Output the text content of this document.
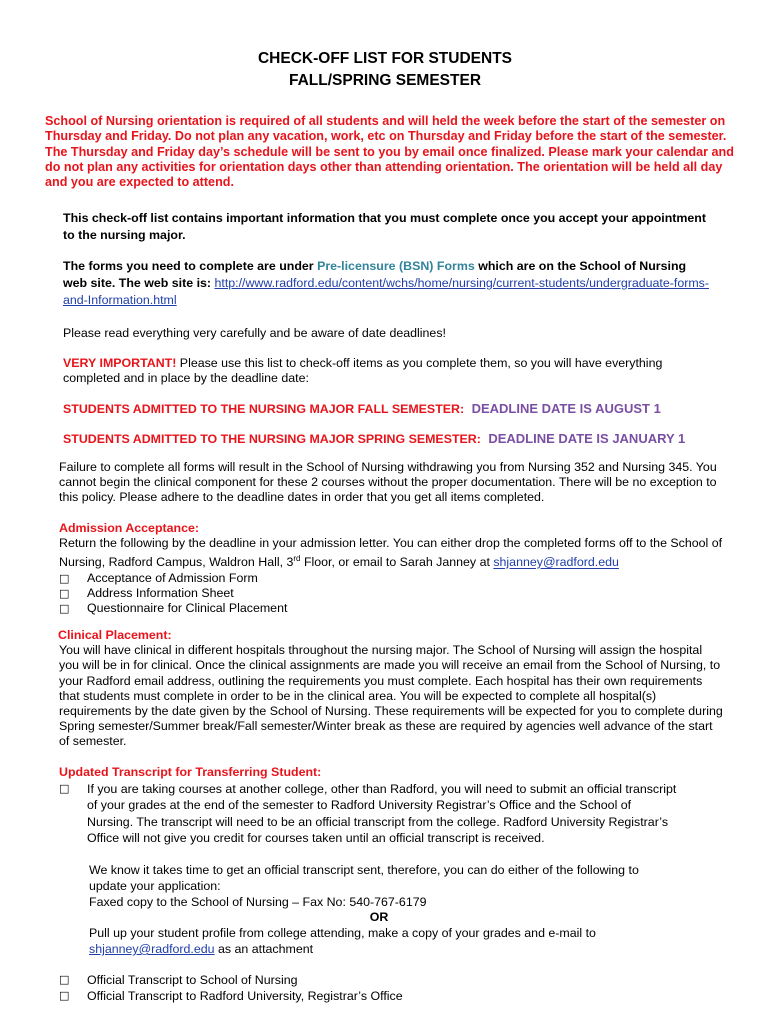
CHECK-OFF LIST FOR STUDENTS
FALL/SPRING SEMESTER
School of Nursing orientation is required of all students and will held the week before the start of the semester on Thursday and Friday. Do not plan any vacation, work, etc on Thursday and Friday before the start of the semester. The Thursday and Friday day’s schedule will be sent to you by email once finalized. Please mark your calendar and do not plan any activities for orientation days other than attending orientation. The orientation will be held all day and you are expected to attend.
This check-off list contains important information that you must complete once you accept your appointment to the nursing major.
The forms you need to complete are under Pre-licensure (BSN) Forms which are on the School of Nursing web site. The web site is: http://www.radford.edu/content/wchs/home/nursing/current-students/undergraduate-forms-and-Information.html
Please read everything very carefully and be aware of date deadlines!
VERY IMPORTANT! Please use this list to check-off items as you complete them, so you will have everything completed and in place by the deadline date:
STUDENTS ADMITTED TO THE NURSING MAJOR FALL SEMESTER: DEADLINE DATE IS AUGUST 1
STUDENTS ADMITTED TO THE NURSING MAJOR SPRING SEMESTER: DEADLINE DATE IS JANUARY 1
Failure to complete all forms will result in the School of Nursing withdrawing you from Nursing 352 and Nursing 345. You cannot begin the clinical component for these 2 courses without the proper documentation. There will be no exception to this policy. Please adhere to the deadline dates in order that you get all items completed.
Admission Acceptance:
Return the following by the deadline in your admission letter. You can either drop the completed forms off to the School of Nursing, Radford Campus, Waldron Hall, 3rd Floor, or email to Sarah Janney at shjanney@radford.edu
□
Acceptance of Admission Form
□
Address Information Sheet
□
Questionnaire for Clinical Placement
Clinical Placement:
You will have clinical in different hospitals throughout the nursing major. The School of Nursing will assign the hospital you will be in for clinical. Once the clinical assignments are made you will receive an email from the School of Nursing, to your Radford email address, outlining the requirements you must complete. Each hospital has their own requirements that students must complete in order to be in the clinical area. You will be expected to complete all hospital(s) requirements by the date given by the School of Nursing. These requirements will be expected for you to complete during Spring semester/Summer break/Fall semester/Winter break as these are required by agencies well advance of the start of semester.
Updated Transcript for Transferring Student:
□
If you are taking courses at another college, other than Radford, you will need to submit an official transcript of your grades at the end of the semester to Radford University Registrar’s Office and the School of Nursing. The transcript will need to be an official transcript from the college. Radford University Registrar’s Office will not give you credit for courses taken until an official transcript is received.
We know it takes time to get an official transcript sent, therefore, you can do either of the following to update your application:
Faxed copy to the School of Nursing – Fax No: 540-767-6179
OR
Pull up your student profile from college attending, make a copy of your grades and e-mail to
shjanney@radford.edu as an attachment
□
Official Transcript to School of Nursing
□
Official Transcript to Radford University, Registrar’s Office
